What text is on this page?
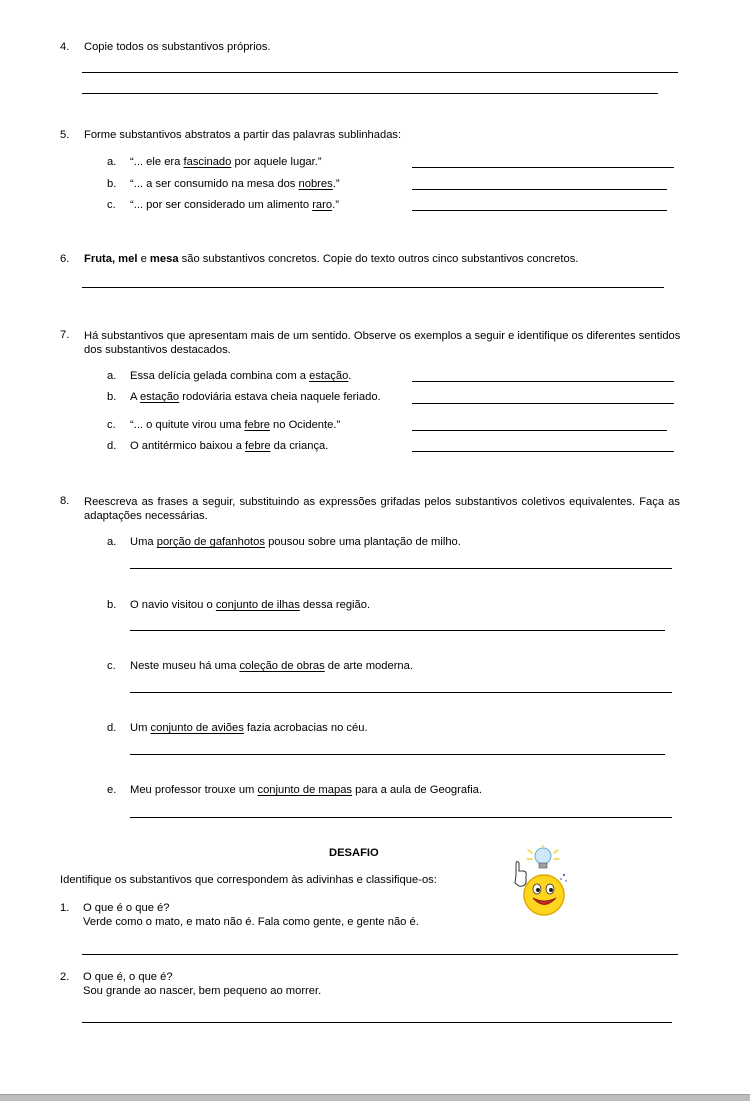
4. Copie todos os substantivos próprios.
5. Forme substantivos abstratos a partir das palavras sublinhadas:
a. “... ele era fascinado por aquele lugar.”
b. “... a ser consumido na mesa dos nobres.”
c. “... por ser considerado um alimento raro.”
6. Fruta, mel e mesa são substantivos concretos. Copie do texto outros cinco substantivos concretos.
7. Há substantivos que apresentam mais de um sentido. Observe os exemplos a seguir e identifique os diferentes sentidos dos substantivos destacados.
a. Essa delícia gelada combina com a estação.
b. A estação rodoviária estava cheia naquele feriado.
c. “... o quitute virou uma febre no Ocidente.”
d. O antitérmico baixou a febre da criança.
8. Reescreva as frases a seguir, substituindo as expressões grifadas pelos substantivos coletivos equivalentes. Faça as adaptações necessárias.
a. Uma porção de gafanhotos pousou sobre uma plantação de milho.
b. O navio visitou o conjunto de ilhas dessa região.
c. Neste museu há uma coleção de obras de arte moderna.
d. Um conjunto de aviões fazia acrobacias no céu.
e. Meu professor trouxe um conjunto de mapas para a aula de Geografia.
DESAFIO
Identifique os substantivos que correspondem às adivinhas e classifique-os:
1. O que é o que é?
Verde como o mato, e mato não é. Fala como gente, e gente não é.
2. O que é, o que é?
Sou grande ao nascer, bem pequeno ao morrer.
